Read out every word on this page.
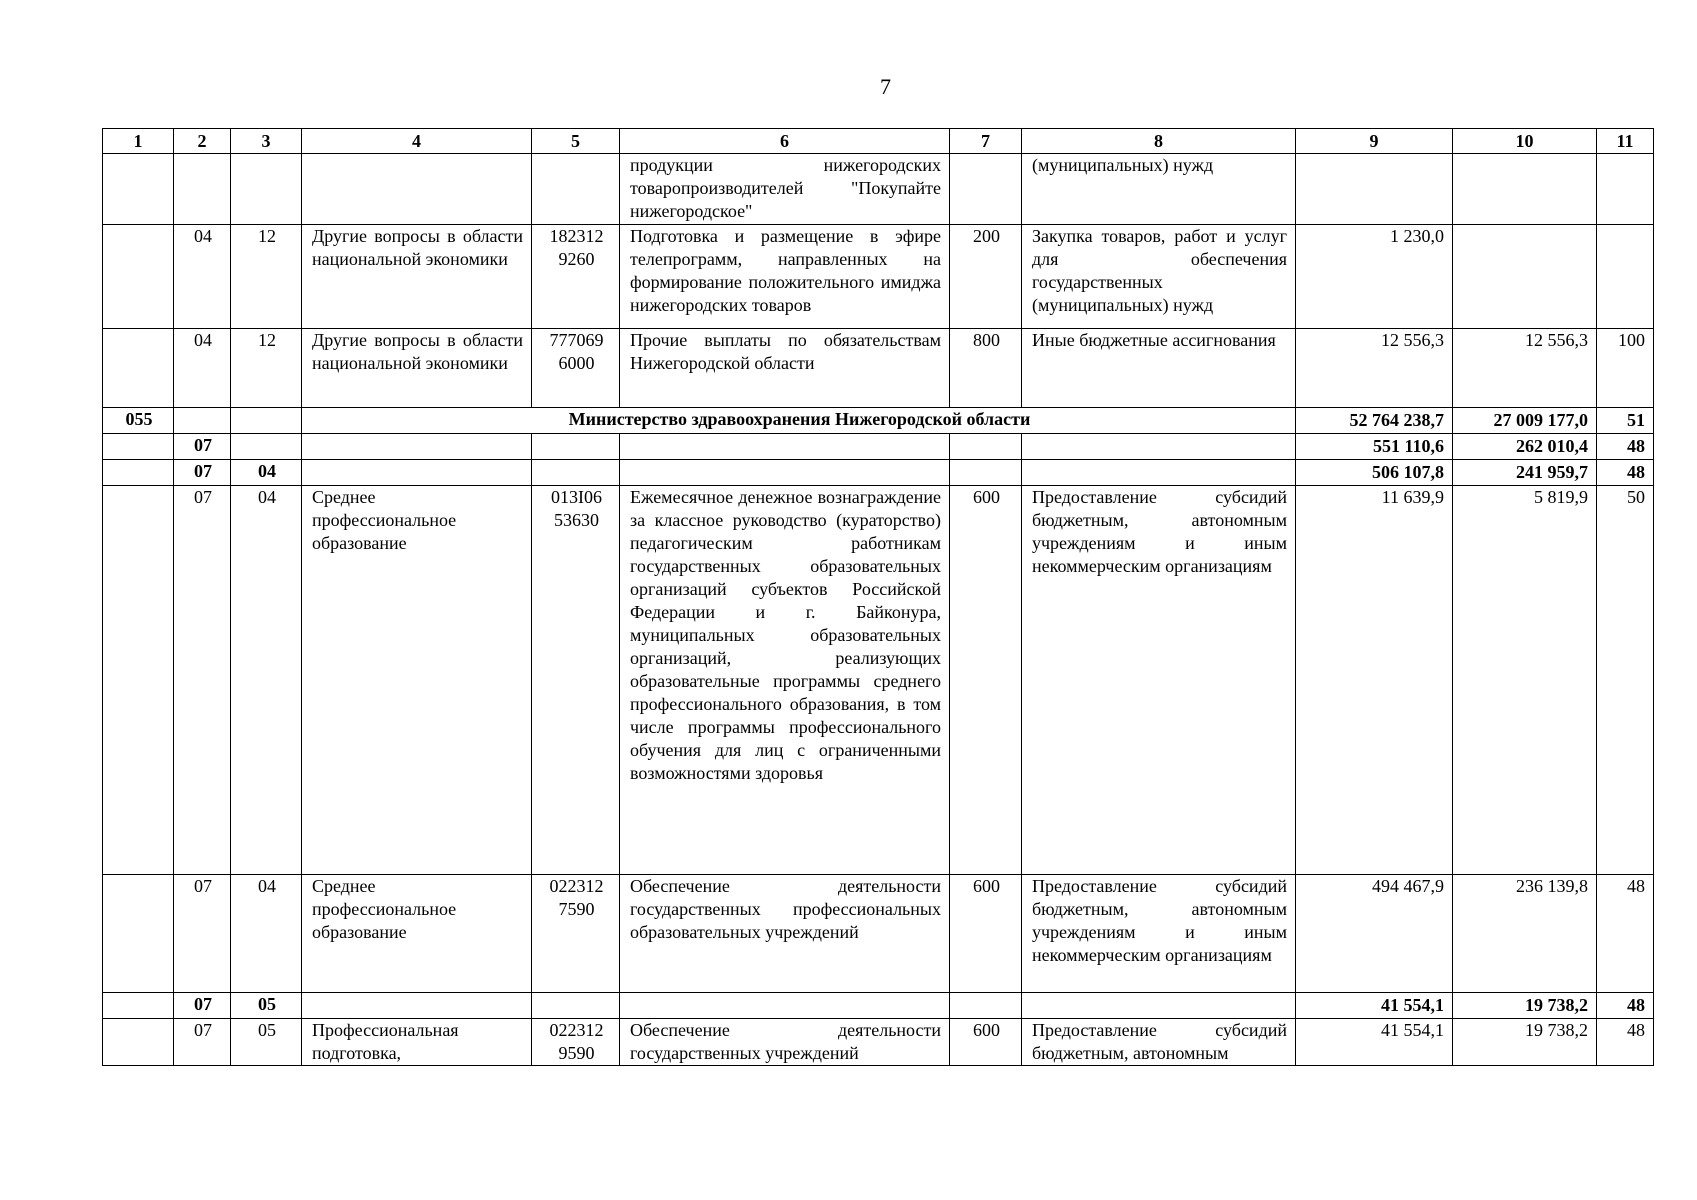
7
1	2	3	4	5	6	7	8	9	10	11
					продукции нижегородских товаропроизводителей "Покупайте нижегородское"		(муниципальных) нужд			
	04	12	Другие вопросы в области национальной экономики	182312 9260	Подготовка и размещение в эфире телепрограмм, направленных на формирование положительного имиджа нижегородских товаров	200	Закупка товаров, работ и услуг для обеспечения государственных (муниципальных) нужд	1 230,0		
	04	12	Другие вопросы в области национальной экономики	777069 6000	Прочие выплаты по обязательствам Нижегородской области	800	Иные бюджетные ассигнования	12 556,3	12 556,3	100
055			Министерство здравоохранения Нижегородской области					52 764 238,7	27 009 177,0	51
	07							551 110,6	262 010,4	48
	07	04						506 107,8	241 959,7	48
	07	04	Среднее профессиональное образование	013I06 53630	Ежемесячное денежное вознаграждение за классное руководство (кураторство) педагогическим работникам государственных образовательных организаций субъектов Российской Федерации и г. Байконура, муниципальных образовательных организаций, реализующих образовательные программы среднего профессионального образования, в том числе программы профессионального обучения для лиц с ограниченными возможностями здоровья	600	Предоставление субсидий бюджетным, автономным учреждениям и иным некоммерческим организациям	11 639,9	5 819,9	50
	07	04	Среднее профессиональное образование	022312 7590	Обеспечение деятельности государственных профессиональных образовательных учреждений	600	Предоставление субсидий бюджетным, автономным учреждениям и иным некоммерческим организациям	494 467,9	236 139,8	48
	07	05						41 554,1	19 738,2	48
	07	05	Профессиональная подготовка,	022312 9590	Обеспечение деятельности государственных учреждений	600	Предоставление субсидий бюджетным, автономным	41 554,1	19 738,2	48
